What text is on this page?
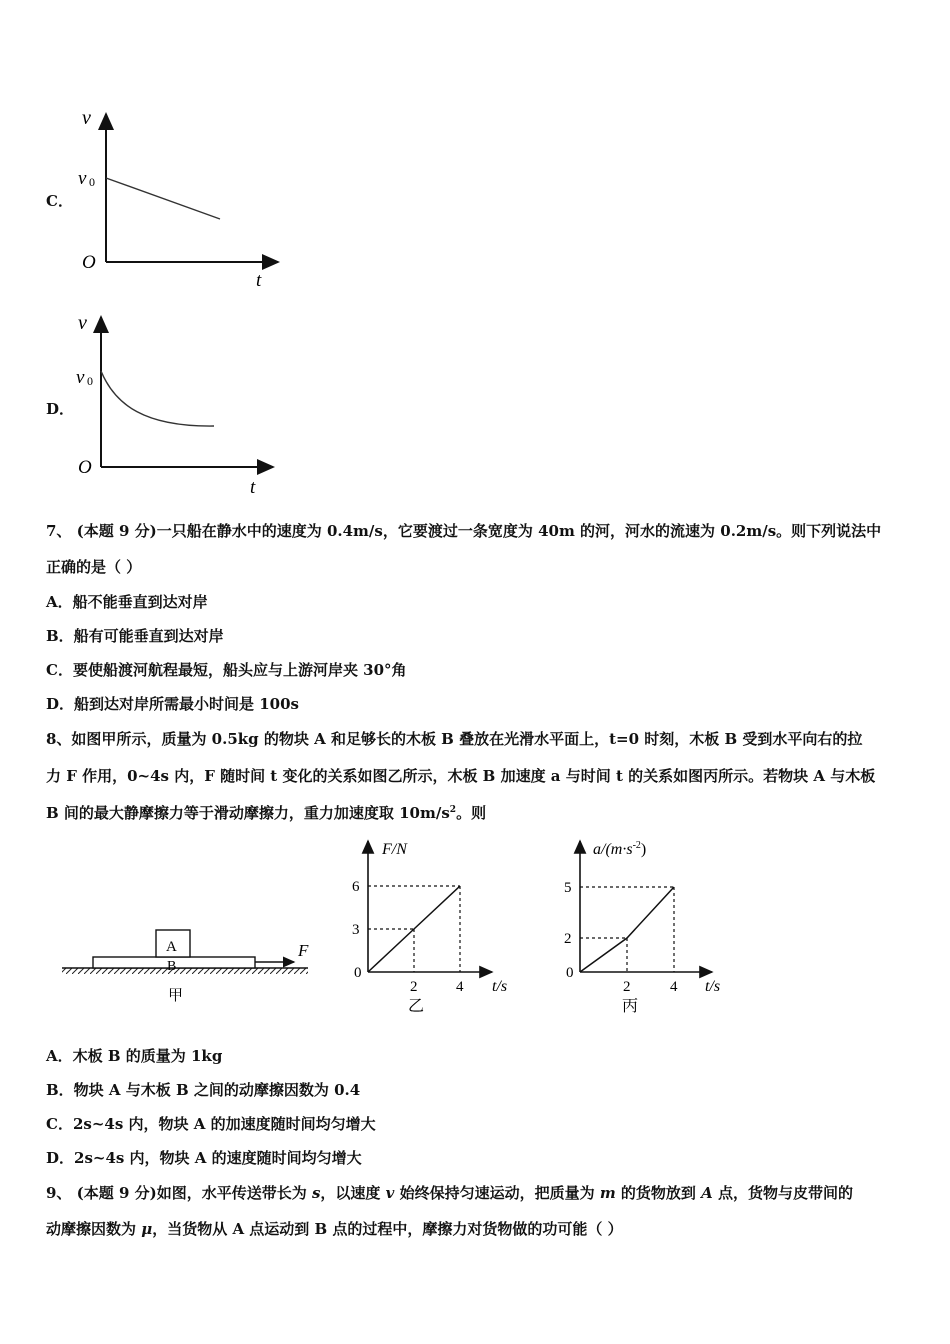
C．
v
v 0
O
t
D．
v
v 0
O
t
7、 (本题 9 分)一只船在静水中的速度为 0.4m/s，它要渡过一条宽度为 40m 的河，河水的流速为 0.2m/s。则下列说法中
正确的是（ ）
A．船不能垂直到达对岸
B．船有可能垂直到达对岸
C．要使船渡河航程最短，船头应与上游河岸夹 30°角
D．船到达对岸所需最小时间是 100s
8、如图甲所示，质量为 0.5kg 的物块 A 和足够长的木板 B 叠放在光滑水平面上，t=0 时刻，木板 B 受到水平向右的拉
力 F 作用，0~4s 内，F 随时间 t 变化的关系如图乙所示，木板 B 加速度 a 与时间 t 的关系如图丙所示。若物块 A 与木板
B 间的最大静摩擦力等于滑动摩擦力，重力加速度取 $10m/s^2$。则
A
B
F
甲
F/N
t/s
0
乙
3
2
6
4
$a/(m\cdot s^{-2})$
t/s
0
丙
2
2
5
4
A．木板 B 的质量为 1kg
B．物块 A 与木板 B 之间的动摩擦因数为 0.4
C．2s~4s 内，物块 A 的加速度随时间均匀增大
D．2s~4s 内，物块 A 的速度随时间均匀增大
9、 (本题 9 分)如图，水平传送带长为 s，以速度 v 始终保持匀速运动，把质量为 m 的货物放到 A 点，货物与皮带间的
动摩擦因数为 μ，当货物从 A 点运动到 B 点的过程中，摩擦力对货物做的功可能（ ）
